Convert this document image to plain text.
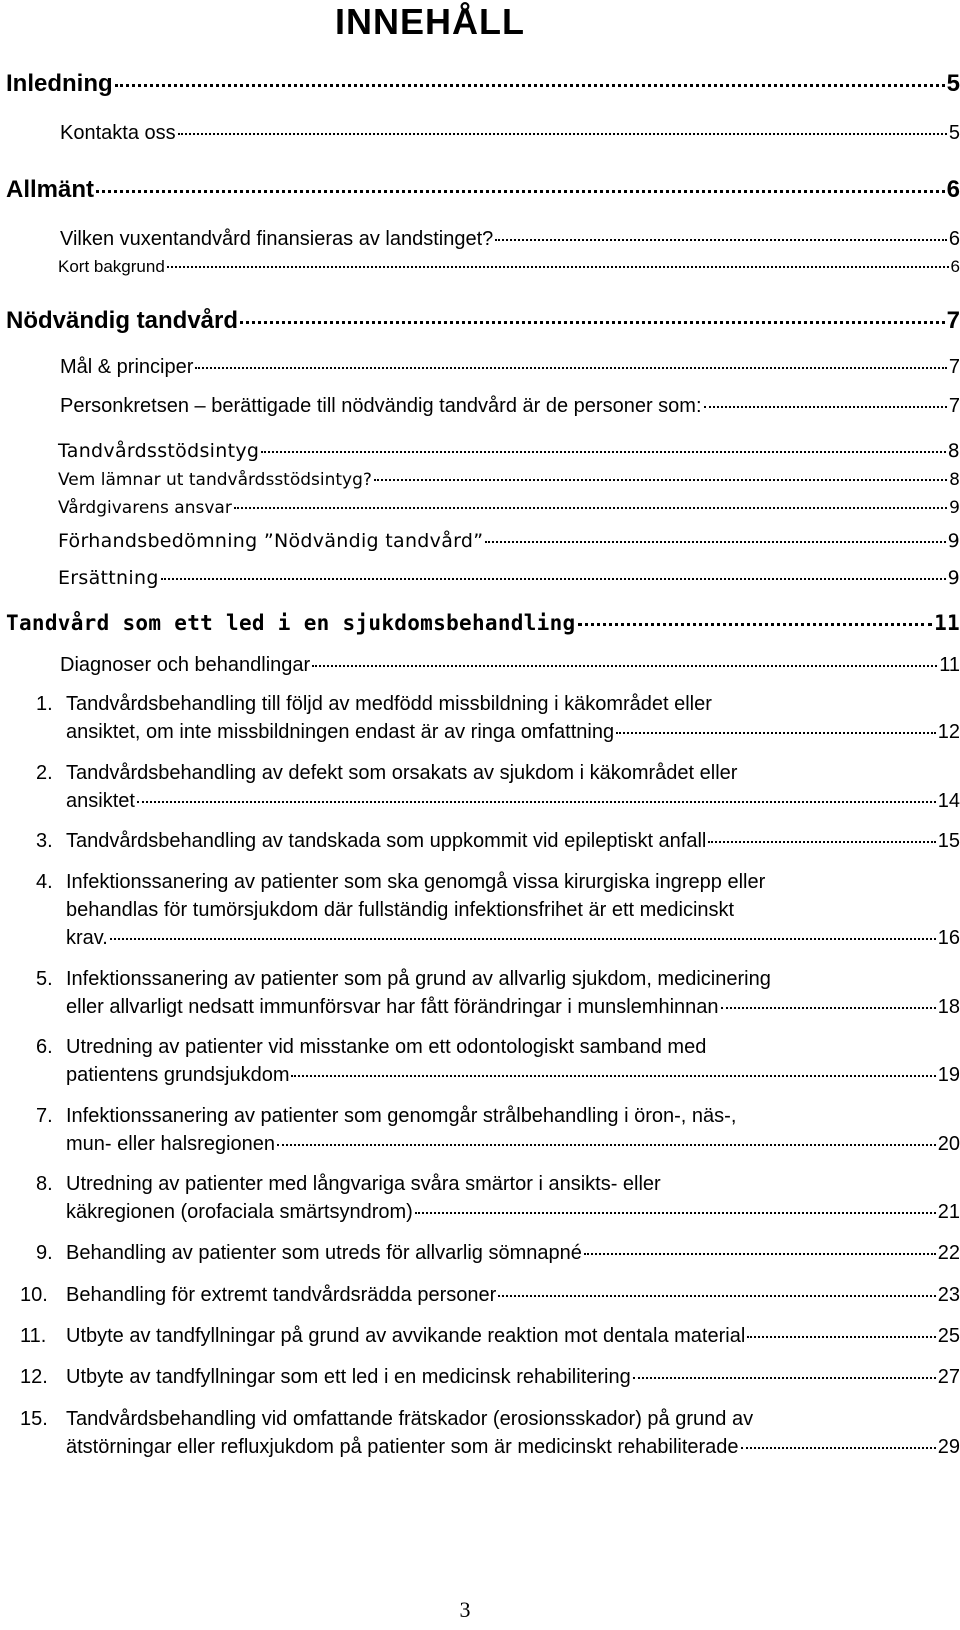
INNEHÅLL
Inledning	5
Kontakta oss	5
Allmänt	6
Vilken vuxentandvård finansieras av landstinget?	6
Kort bakgrund	6
Nödvändig tandvård	7
Mål & principer	7
Personkretsen – berättigade till nödvändig tandvård är de personer som:	7
Tandvårdsstödsintyg	8
Vem lämnar ut tandvårdsstödsintyg?	8
Vårdgivarens ansvar	9
Förhandsbedömning ”Nödvändig tandvård”	9
Ersättning	9
Tandvård som ett led i en sjukdomsbehandling	11
Diagnoser och behandlingar	11
1. Tandvårdsbehandling till följd av medfödd missbildning i käkområdet eller
ansiktet, om inte missbildningen endast är av ringa omfattning	12
2. Tandvårdsbehandling av defekt som orsakats av sjukdom i käkområdet eller
ansiktet	14
3. Tandvårdsbehandling av tandskada som uppkommit vid epileptiskt anfall	15
4. Infektionssanering av patienter som ska genomgå vissa kirurgiska ingrepp eller
behandlas för tumörsjukdom där fullständig infektionsfrihet är ett medicinskt
krav.	16
5. Infektionssanering av patienter som på grund av allvarlig sjukdom, medicinering
eller allvarligt nedsatt immunförsvar har fått förändringar i munslemhinnan	18
6. Utredning av patienter vid misstanke om ett odontologiskt samband med
patientens grundsjukdom	19
7. Infektionssanering av patienter som genomgår strålbehandling i öron-, näs-,
mun- eller halsregionen	20
8. Utredning av patienter med långvariga svåra smärtor i ansikts- eller
käkregionen (orofaciala smärtsyndrom)	21
9. Behandling av patienter som utreds för allvarlig sömnapné	22
10. Behandling för extremt tandvårdsrädda personer	23
11. Utbyte av tandfyllningar på grund av avvikande reaktion mot dentala material	25
12. Utbyte av tandfyllningar som ett led i en medicinsk rehabilitering	27
15. Tandvårdsbehandling vid omfattande frätskador (erosionsskador) på grund av
ätstörningar eller refluxjukdom på patienter som är medicinskt rehabiliterade	29
3
